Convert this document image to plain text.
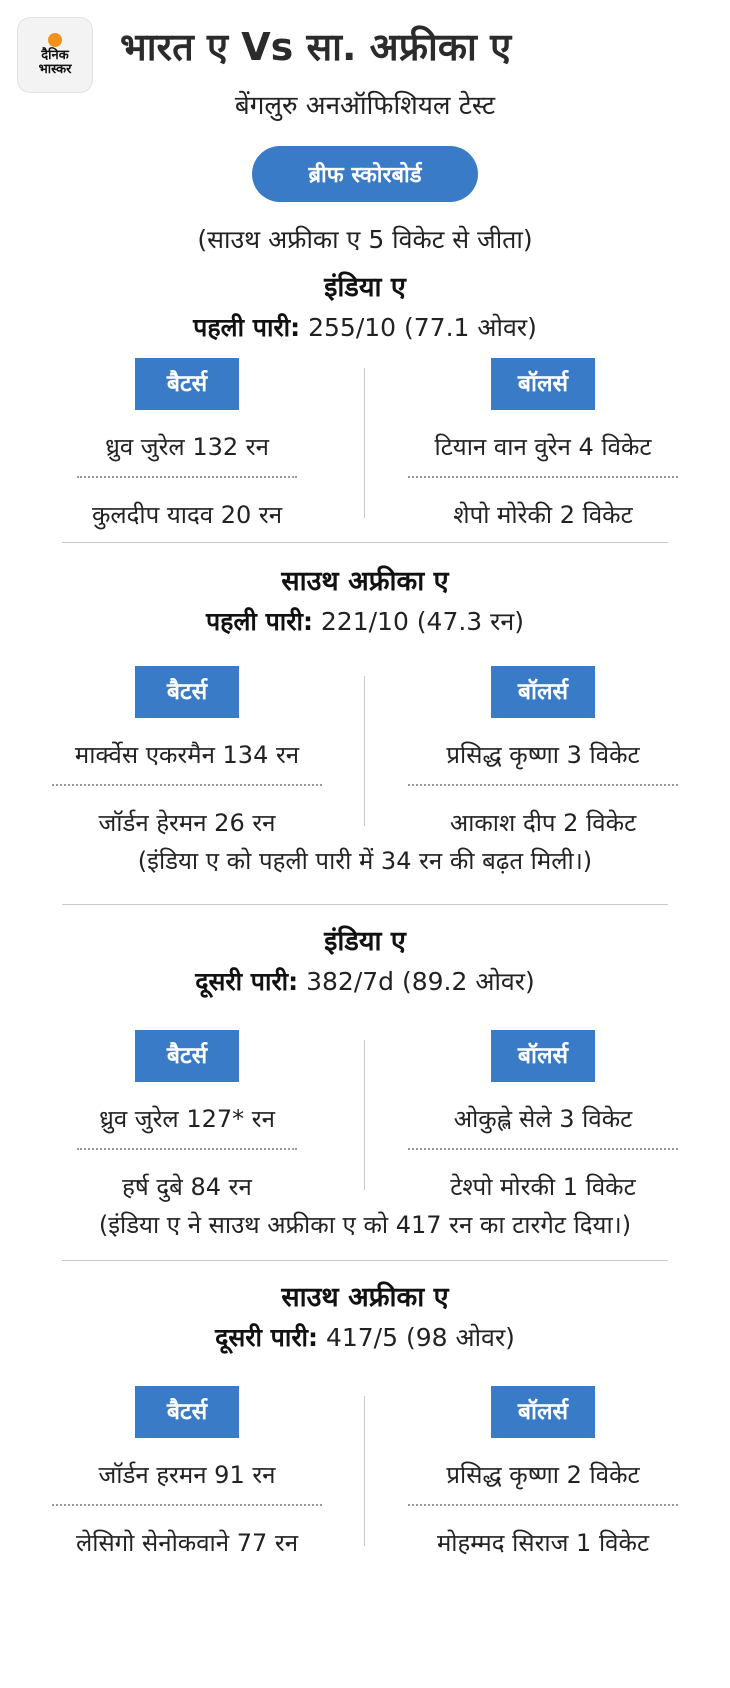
दैनिक
भास्कर
भारत ए Vs सा. अफ्रीका ए
बेंगलुरु अनऑफिशियल टेस्ट
ब्रीफ स्कोरबोर्ड
(साउथ अफ्रीका ए 5 विकेट से जीता)
इंडिया ए
पहली पारी: 255/10 (77.1 ओवर)
बैटर्स
ध्रुव जुरेल 132 रन
कुलदीप यादव 20 रन
बॉलर्स
टियान वान वुरेन 4 विकेट
शेपो मोरेकी 2 विकेट
साउथ अफ्रीका ए
पहली पारी: 221/10 (47.3 रन)
बैटर्स
मार्क्वेस एकरमैन 134 रन
जॉर्डन हेरमन 26 रन
बॉलर्स
प्रसिद्ध कृष्णा 3 विकेट
आकाश दीप 2 विकेट
(इंडिया ए को पहली पारी में 34 रन की बढ़त मिली।)
इंडिया ए
दूसरी पारी: 382/7d (89.2 ओवर)
बैटर्स
ध्रुव जुरेल 127* रन
हर्ष दुबे 84 रन
बॉलर्स
ओकुह्ले सेले 3 विकेट
टेश्पो मोरकी 1 विकेट
(इंडिया ए ने साउथ अफ्रीका ए को 417 रन का टारगेट दिया।)
साउथ अफ्रीका ए
दूसरी पारी: 417/5 (98 ओवर)
बैटर्स
जॉर्डन हरमन 91 रन
लेसिगो सेनोकवाने 77 रन
बॉलर्स
प्रसिद्ध कृष्णा 2 विकेट
मोहम्मद सिराज 1 विकेट
